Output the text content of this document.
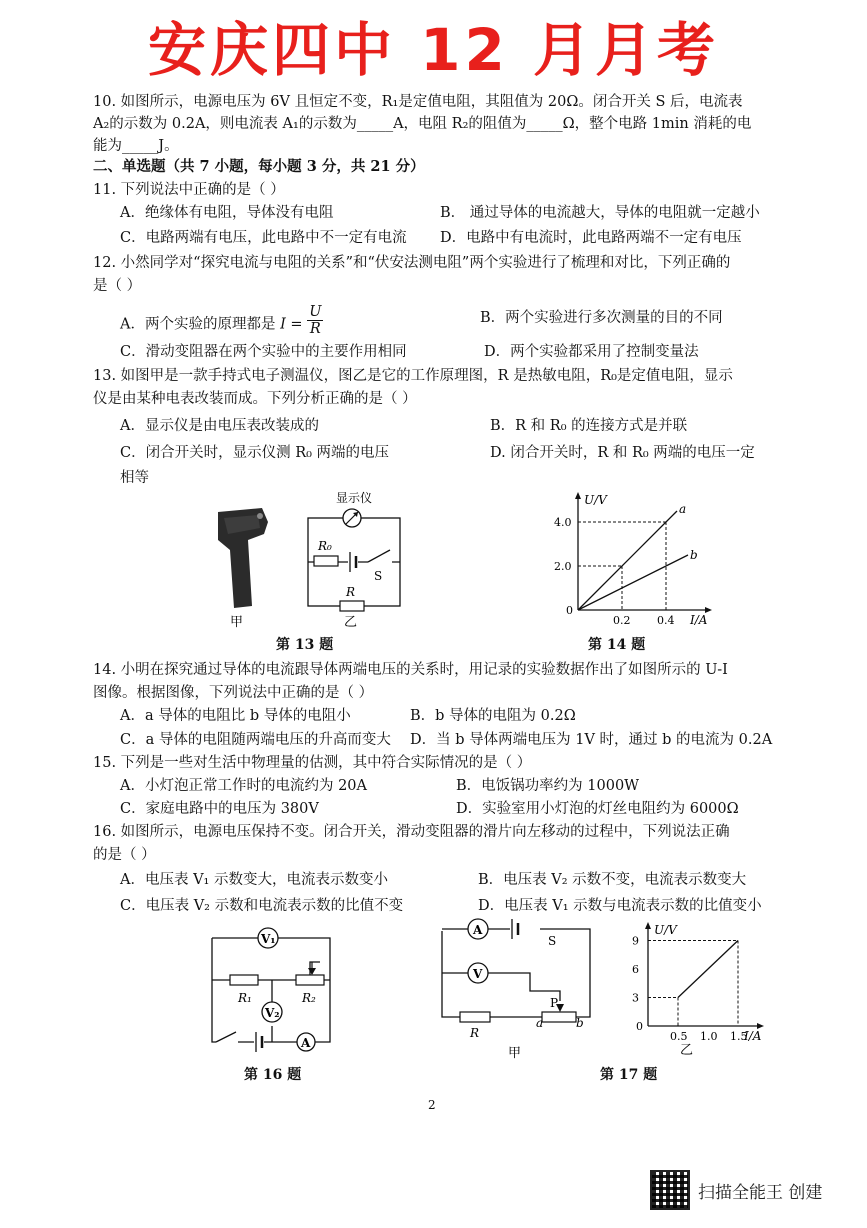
安庆四中 12 月月考
10. 如图所示，电源电压为 6V 且恒定不变，R₁是定值电阻，其阻值为 20Ω。闭合开关 S 后，电流表
A₂的示数为 0.2A，则电流表 A₁的示数为_____A，电阻 R₂的阻值为_____Ω，整个电路 1min 消耗的电
能为_____J。
二、单选题（共 7 小题，每小题 3 分，共 21 分）
11. 下列说法中正确的是（ ）
A．绝缘体有电阻，导体没有电阻	B． 通过导体的电流越大，导体的电阻就一定越小
C．电路两端有电压，此电路中不一定有电流 D．电路中有电流时，此电路两端不一定有电压
12. 小然同学对“探究电流与电阻的关系”和“伏安法测电阻”两个实验进行了梳理和对比，下列正确的
是（ ）
A．两个实验的原理都是 $I = \frac{U}{R}$	B．两个实验进行多次测量的目的不同
C．滑动变阻器在两个实验中的主要作用相同	D．两个实验都采用了控制变量法
13. 如图甲是一款手持式电子测温仪，图乙是它的工作原理图，R 是热敏电阻，R₀是定值电阻，显示
仪是由某种电表改装而成。下列分析正确的是（ ）
A．显示仪是由电压表改装成的	B．R 和 R₀ 的连接方式是并联
C．闭合开关时，显示仪测 R₀ 两端的电压	D. 闭合开关时，R 和 R₀ 两端的电压一定
相等
甲
显示仪
R₀
S
R
乙
第 13 题
U/V
I/A
0
a
b
2.0
4.0
0.2 0.4
第 14 题
14. 小明在探究通过导体的电流跟导体两端电压的关系时，用记录的实验数据作出了如图所示的 U-I
图像。根据图像，下列说法中正确的是（ ）
A．a 导体的电阻比 b 导体的电阻小	B．b 导体的电阻为 0.2Ω
C．a 导体的电阻随两端电压的升高而变大 D．当 b 导体两端电压为 1V 时，通过 b 的电流为 0.2A
15. 下列是一些对生活中物理量的估测，其中符合实际情况的是（ ）
A．小灯泡正常工作时的电流约为 20A	B．电饭锅功率约为 1000W
C．家庭电路中的电压为 380V	D．实验室用小灯泡的灯丝电阻约为 6000Ω
16. 如图所示，电源电压保持不变。闭合开关，滑动变阻器的滑片向左移动的过程中，下列说法正确
的是（ ）
A．电压表 V₁ 示数变大，电流表示数变小	B．电压表 V₂ 示数不变，电流表示数变大
C．电压表 V₂ 示数和电流表示数的比值不变	D．电压表 V₁ 示数与电流表示数的比值变小
V₁
R₁	R₂
V₂
A
第 16 题
A
S
V
R
P
a	b
甲
U/V
I/A
0
3
6
9
0.5 1.0 1.5
乙
第 17 题
2
扫描全能王 创建
